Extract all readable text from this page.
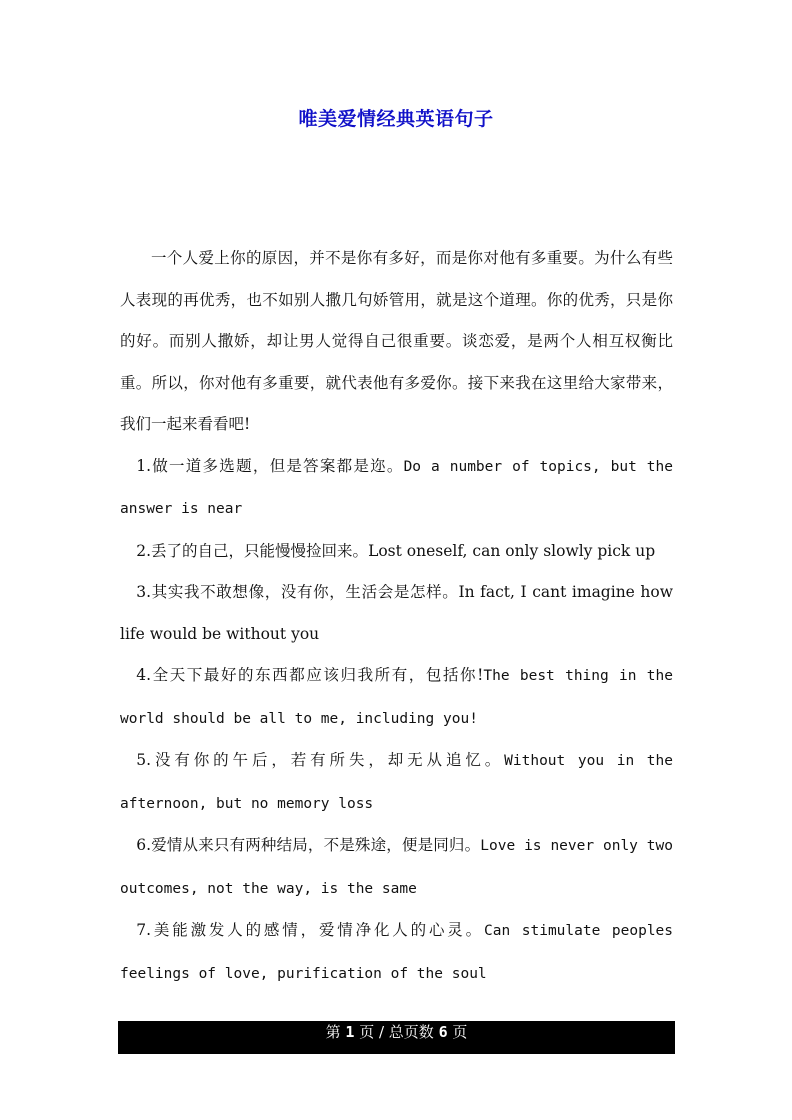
唯美爱情经典英语句子

一个人爱上你的原因，并不是你有多好，而是你对他有多重要。为什么有些人表现的再优秀，也不如别人撒几句娇管用，就是这个道理。你的优秀，只是你的好。而别人撒娇，却让男人觉得自己很重要。谈恋爱，是两个人相互权衡比重。所以，你对他有多重要，就代表他有多爱你。接下来我在这里给大家带来，我们一起来看看吧!

1.做一道多选题，但是答案都是迩。Do a number of topics, but the answer is near

2.丢了的自己，只能慢慢捡回来。Lost oneself, can only slowly pick up

3.其实我不敢想像，没有你，生活会是怎样。In fact, I cant imagine how life would be without you

4.全天下最好的东西都应该归我所有，包括你!The best thing in the world should be all to me, including you!

5.没有你的午后，若有所失，却无从追忆。Without you in the afternoon, but no memory loss

6.爱情从来只有两种结局，不是殊途，便是同归。Love is never only two outcomes, not the way, is the same

7.美能激发人的感情，爱情净化人的心灵。Can stimulate peoples feelings of love, purification of the soul

第 1 页 / 总页数 6 页
